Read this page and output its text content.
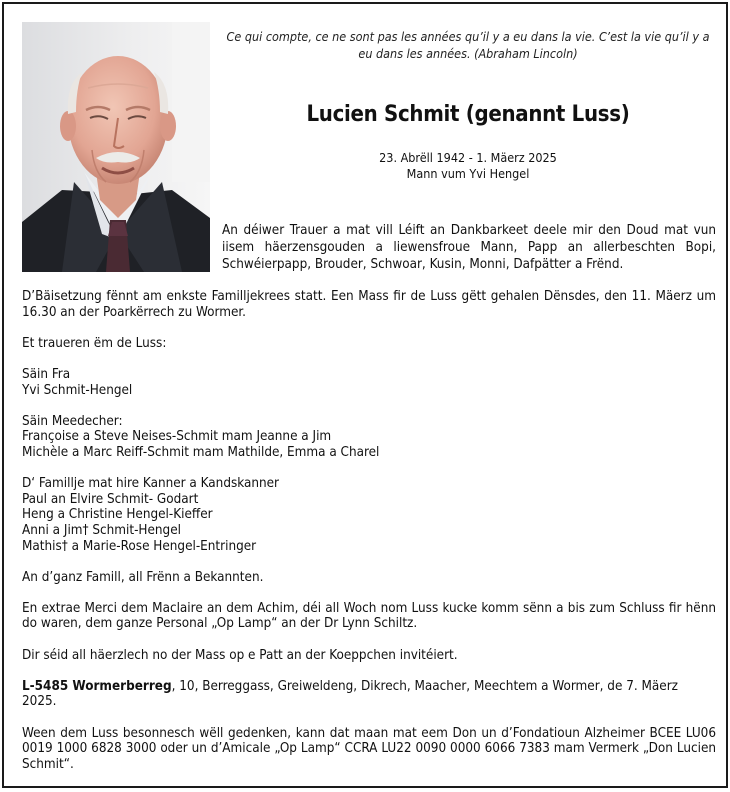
Ce qui compte, ce ne sont pas les années qu’il y a eu dans la vie. C’est la vie qu’il y a eu dans les années. (Abraham Lincoln)
Lucien Schmit (genannt Luss)
23. Abrëll 1942 - 1. Mäerz 2025
Mann vum Yvi Hengel
An déiwer Trauer a mat vill Léift an Dankbarkeet deele mir den Doud mat vun iisem häerzensgouden a liewensfroue Mann, Papp an allerbeschten Bopi, Schwéierpapp, Brouder, Schwoar, Kusin, Monni, Dafpätter a Frënd.

D’Bäisetzung fënnt am enkste Familljekrees statt. Een Mass fir de Luss gëtt gehalen Dënsdes, den 11. Mäerz um 16.30 an der Poarkërrech zu Wormer.

Et traueren ëm de Luss:

Säin Fra
Yvi Schmit-Hengel

Säin Meedecher:
Françoise a Steve Neises-Schmit mam Jeanne a Jim
Michèle a Marc Reiff-Schmit mam Mathilde, Emma a Charel

D‘ Famillje mat hire Kanner a Kandskanner
Paul an Elvire Schmit- Godart
Heng a Christine Hengel-Kieffer
Anni a Jim† Schmit-Hengel
Mathis† a Marie-Rose Hengel-Entringer

An d’ganz Famill, all Frënn a Bekannten.

En extrae Merci dem Maclaire an dem Achim, déi all Woch nom Luss kucke komm sënn a bis zum Schluss fir hënn do waren, dem ganze Personal „Op Lamp“ an der Dr Lynn Schiltz.

Dir séid all häerzlech no der Mass op e Patt an der Koeppchen invitéiert.

L-5485 Wormerberreg, 10, Berreggass, Greiweldeng, Dikrech, Maacher, Meechtem a Wormer, de 7. Mäerz 2025.

Ween dem Luss besonnesch wëll gedenken, kann dat maan mat eem Don un d’Fondatioun Alzheimer BCEE LU06 0019 1000 6828 3000 oder un d’Amicale „Op Lamp“ CCRA LU22 0090 0000 6066 7383 mam Vermerk „Don Lucien Schmit“.
